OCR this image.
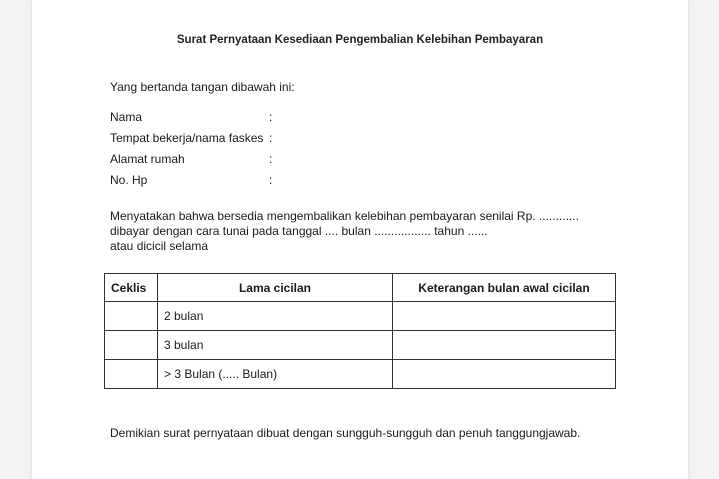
Surat Pernyataan Kesediaan Pengembalian Kelebihan Pembayaran
Yang bertanda tangan dibawah ini:
Nama	:
Tempat bekerja/nama faskes :
Alamat rumah	:
No. Hp	:
Menyatakan bahwa bersedia mengembalikan kelebihan pembayaran senilai Rp. ............
dibayar dengan cara tunai pada tanggal .... bulan ................. tahun ......
atau dicicil selama
Ceklis	Lama cicilan	Keterangan bulan awal cicilan
	2 bulan	
	3 bulan	
	> 3 Bulan (..... Bulan)	
Demikian surat pernyataan dibuat dengan sungguh-sungguh dan penuh tanggungjawab.
